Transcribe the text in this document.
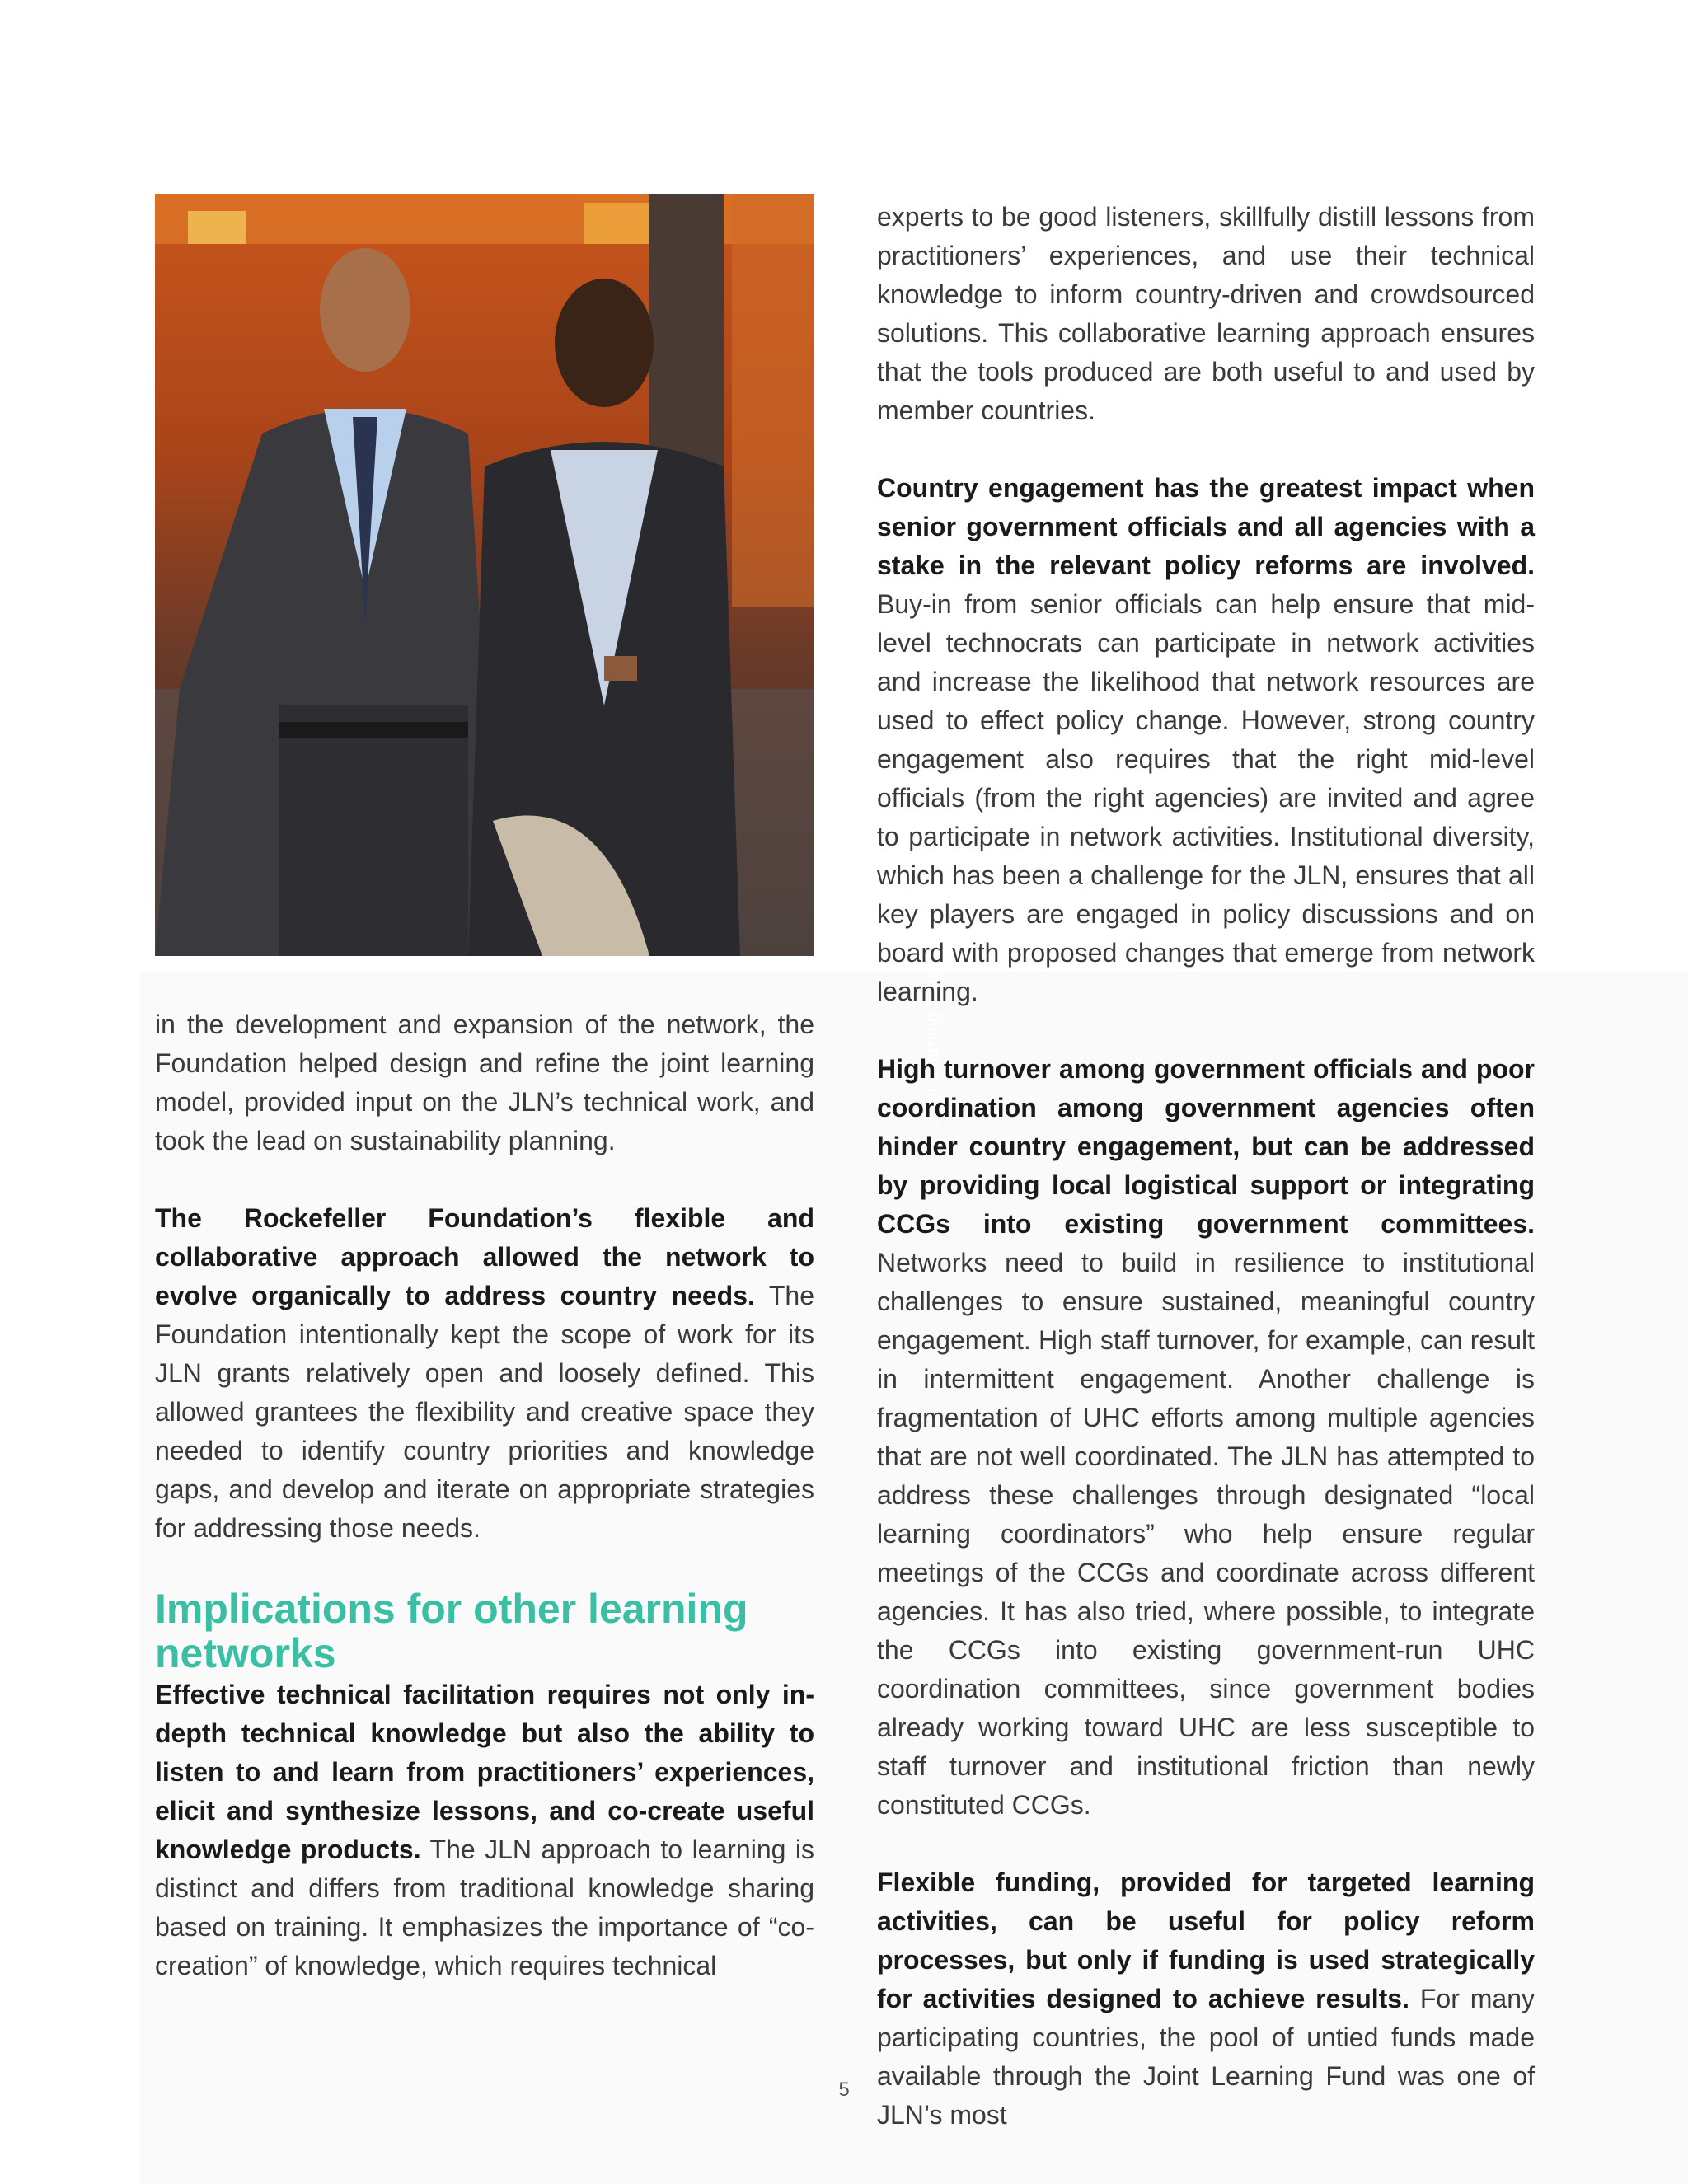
Joint Learning Network for Universal Health Coverage ©

experts to be good listeners, skillfully distill lessons from practitioners’ experiences, and use their technical knowledge to inform country-driven and crowdsourced solutions. This collaborative learning approach ensures that the tools produced are both useful to and used by member countries.

Country engagement has the greatest impact when senior government officials and all agencies with a stake in the relevant policy reforms are involved. Buy-in from senior officials can help ensure that mid-level technocrats can participate in network activities and increase the likelihood that network resources are used to effect policy change. However, strong country engagement also requires that the right mid-level officials (from the right agencies) are invited and agree to participate in network activities. Institutional diversity, which has been a challenge for the JLN, ensures that all key players are engaged in policy discussions and on board with proposed changes that emerge from network learning.

High turnover among government officials and poor coordination among government agencies often hinder country engagement, but can be addressed by providing local logistical support or integrating CCGs into existing government committees. Networks need to build in resilience to institutional challenges to ensure sustained, meaningful country engagement. High staff turnover, for example, can result in intermittent engagement. Another challenge is fragmentation of UHC efforts among multiple agencies that are not well coordinated. The JLN has attempted to address these challenges through designated “local learning coordinators” who help ensure regular meetings of the CCGs and coordinate across different agencies. It has also tried, where possible, to integrate the CCGs into existing government-run UHC coordination committees, since government bodies already working toward UHC are less susceptible to staff turnover and institutional friction than newly constituted CCGs.

Flexible funding, provided for targeted learning activities, can be useful for policy reform processes, but only if funding is used strategically for activities designed to achieve results. For many participating countries, the pool of untied funds made available through the Joint Learning Fund was one of JLN’s most

in the development and expansion of the network, the Foundation helped design and refine the joint learning model, provided input on the JLN’s technical work, and took the lead on sustainability planning.

The Rockefeller Foundation’s flexible and collaborative approach allowed the network to evolve organically to address country needs. The Foundation intentionally kept the scope of work for its JLN grants relatively open and loosely defined. This allowed grantees the flexibility and creative space they needed to identify country priorities and knowledge gaps, and develop and iterate on appropriate strategies for addressing those needs.

Implications for other learning networks

Effective technical facilitation requires not only in-depth technical knowledge but also the ability to listen to and learn from practitioners’ experiences, elicit and synthesize lessons, and co-create useful knowledge products. The JLN approach to learning is distinct and differs from traditional knowledge sharing based on training. It emphasizes the importance of “co-creation” of knowledge, which requires technical

5
